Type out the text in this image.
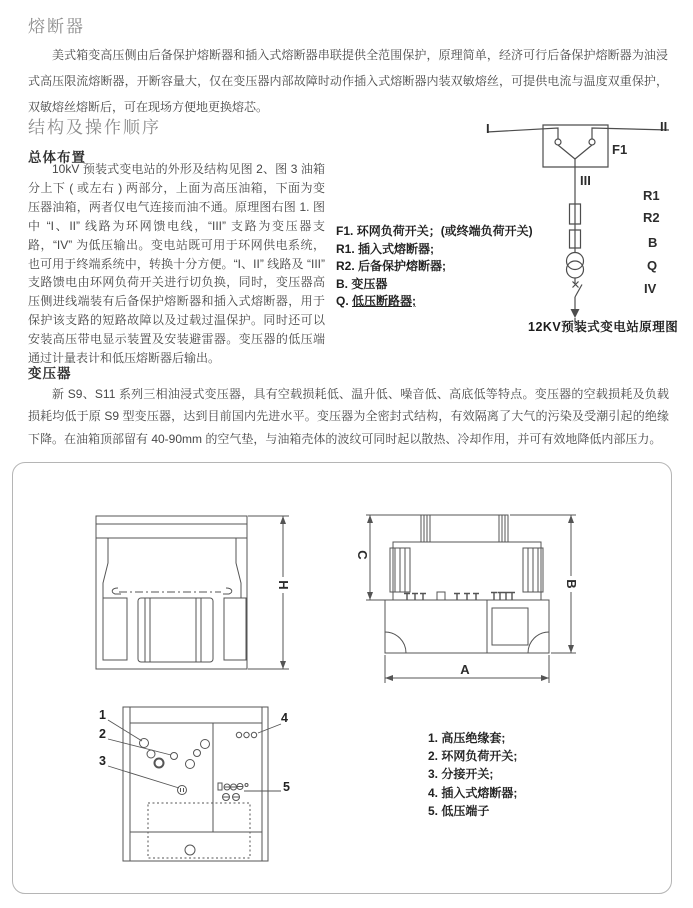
熔断器

美式箱变高压侧由后备保护熔断器和插入式熔断器串联提供全范围保护，原理简单，经济可行后备保护熔断器为油浸式高压限流熔断器，开断容量大，仅在变压器内部故障时动作插入式熔断器内装双敏熔丝，可提供电流与温度双重保护，双敏熔丝熔断后，可在现场方便地更换熔芯。

结构及操作顺序
总体布置

10kV 预装式变电站的外形及结构见图 2、图 3 油箱分上下 ( 或左右 ) 两部分，上面为高压油箱，下面为变压器油箱，两者仅电气连接而油不通。原理图右图 1. 图中 “I、II” 线路为环网馈电线，“III” 支路为变压器支路，“IV” 为低压输出。变电站既可用于环网供电系统，也可用于终端系统中，转换十分方便。“I、II” 线路及 “III” 支路馈电由环网负荷开关进行切负换，同时，变压器高压侧进线端装有后备保护熔断器和插入式熔断器，用于保护该支路的短路故障以及过载过温保护。同时还可以安装高压带电显示装置及安装避雷器。变压器的低压端通过计量表计和低压熔断器后输出。

I	II
F1
III
R1
R2
B
Q
IV
F1. 环网负荷开关；(或终端负荷开关)
R1. 插入式熔断器;
R2. 后备保护熔断器;
B. 变压器
Q. 低压断路器;
12KV预装式变电站原理图
变压器

新 S9、S11 系列三相油浸式变压器，具有空载损耗低、温升低、噪音低、高底低等特点。变压器的空载损耗及负载损耗均低于原 S9 型变压器，达到目前国内先进水平。变压器为全密封式结构，有效隔离了大气的污染及受潮引起的绝缘下降。在油箱顶部留有 40-90mm 的空气垫，与油箱壳体的波纹可同时起以散热、冷却作用，并可有效地降低内部压力。

H
C
B
A
1
2
3
4
5
1. 高压绝缘套;
2. 环网负荷开关;
3. 分接开关;
4. 插入式熔断器;
5. 低压端子
